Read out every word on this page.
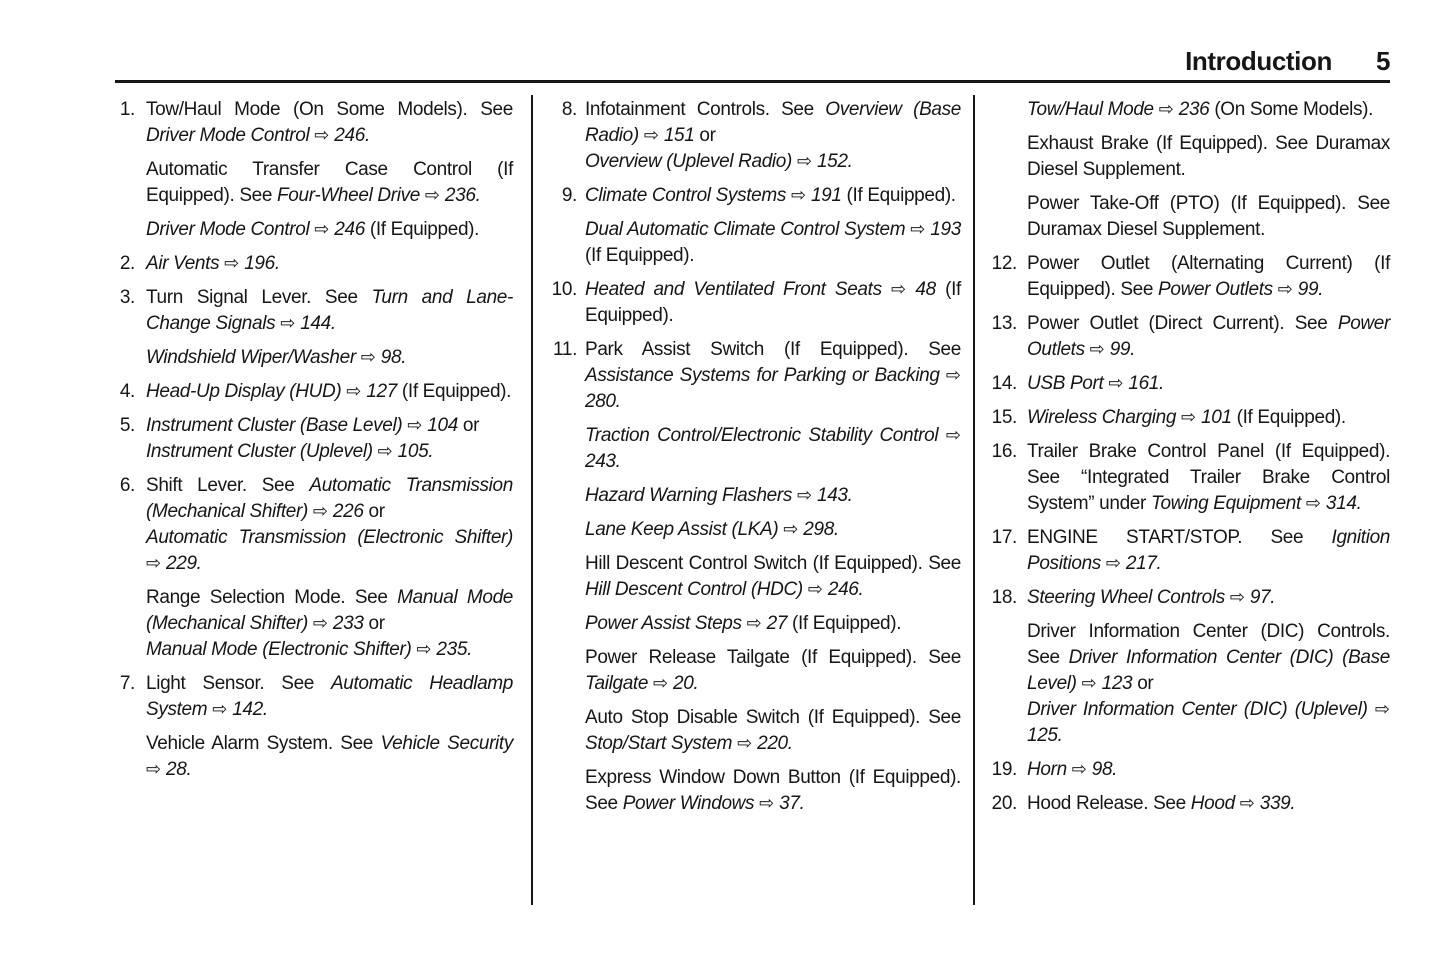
Introduction 5
1. Tow/Haul Mode (On Some Models). See Driver Mode Control ⇨ 246.

Automatic Transfer Case Control (If Equipped). See Four-Wheel Drive ⇨ 236.

Driver Mode Control ⇨ 246 (If Equipped).

2. Air Vents ⇨ 196.

3. Turn Signal Lever. See Turn and Lane-Change Signals ⇨ 144.

Windshield Wiper/Washer ⇨ 98.

4. Head-Up Display (HUD) ⇨ 127 (If Equipped).

5. Instrument Cluster (Base Level) ⇨ 104 or
Instrument Cluster (Uplevel) ⇨ 105.

6. Shift Lever. See Automatic Transmission (Mechanical Shifter) ⇨ 226 or
Automatic Transmission (Electronic Shifter) ⇨ 229.

Range Selection Mode. See Manual Mode (Mechanical Shifter) ⇨ 233 or
Manual Mode (Electronic Shifter) ⇨ 235.

7. Light Sensor. See Automatic Headlamp System ⇨ 142.

Vehicle Alarm System. See Vehicle Security ⇨ 28.

8. Infotainment Controls. See Overview (Base Radio) ⇨ 151 or
Overview (Uplevel Radio) ⇨ 152.

9. Climate Control Systems ⇨ 191 (If Equipped).

Dual Automatic Climate Control System ⇨ 193 (If Equipped).

10. Heated and Ventilated Front Seats ⇨ 48 (If Equipped).

11. Park Assist Switch (If Equipped). See Assistance Systems for Parking or Backing ⇨ 280.

Traction Control/Electronic Stability Control ⇨ 243.

Hazard Warning Flashers ⇨ 143.

Lane Keep Assist (LKA) ⇨ 298.

Hill Descent Control Switch (If Equipped). See Hill Descent Control (HDC) ⇨ 246.

Power Assist Steps ⇨ 27 (If Equipped).

Power Release Tailgate (If Equipped). See Tailgate ⇨ 20.

Auto Stop Disable Switch (If Equipped). See Stop/Start System ⇨ 220.

Express Window Down Button (If Equipped). See Power Windows ⇨ 37.

Tow/Haul Mode ⇨ 236 (On Some Models).

Exhaust Brake (If Equipped). See Duramax Diesel Supplement.

Power Take-Off (PTO) (If Equipped). See Duramax Diesel Supplement.

12. Power Outlet (Alternating Current) (If Equipped). See Power Outlets ⇨ 99.

13. Power Outlet (Direct Current). See Power Outlets ⇨ 99.

14. USB Port ⇨ 161.

15. Wireless Charging ⇨ 101 (If Equipped).

16. Trailer Brake Control Panel (If Equipped). See “Integrated Trailer Brake Control System” under Towing Equipment ⇨ 314.

17. ENGINE START/STOP. See Ignition Positions ⇨ 217.

18. Steering Wheel Controls ⇨ 97.

Driver Information Center (DIC) Controls. See Driver Information Center (DIC) (Base Level) ⇨ 123 or
Driver Information Center (DIC) (Uplevel) ⇨ 125.

19. Horn ⇨ 98.

20. Hood Release. See Hood ⇨ 339.
